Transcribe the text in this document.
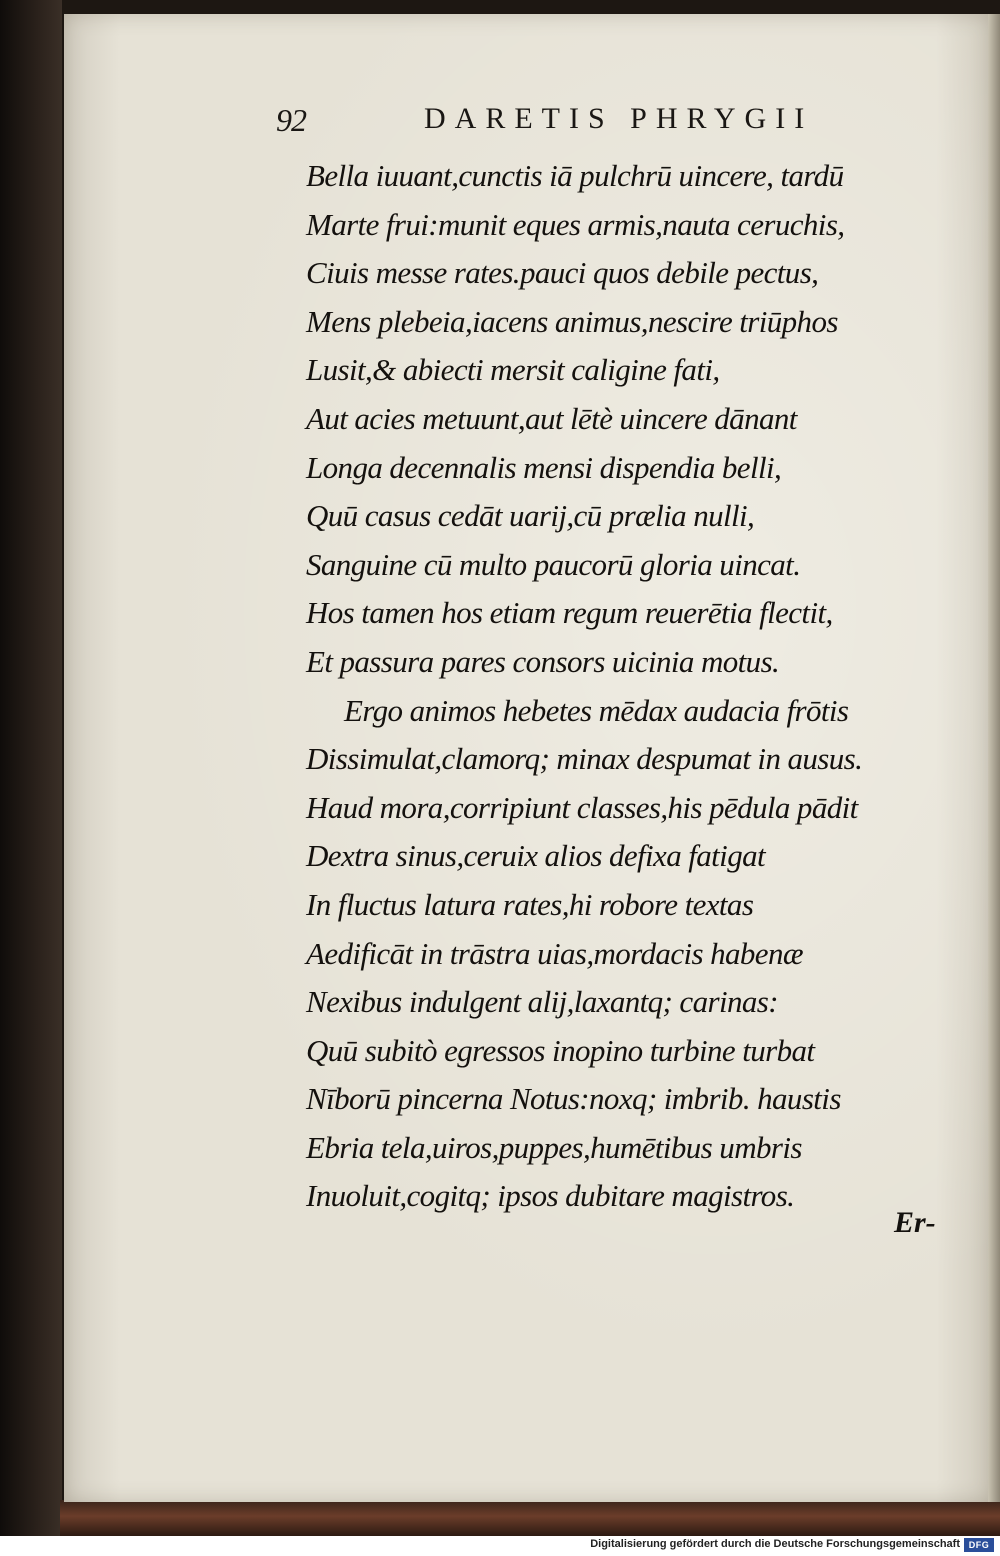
92	DARETIS PHRYGII
Bella iuuant,cunctis iā pulchrū uincere, tardū
Marte frui:munit eques armis,nauta ceruchis,
Ciuis messe rates.pauci quos debile pectus,
Mens plebeia,iacens animus,nescire triūphos
Lusit,& abiecti mersit caligine fati,
Aut acies metuunt,aut lētè uincere dānant
Longa decennalis mensi dispendia belli,
Quū casus cedāt uarij,cū prælia nulli,
Sanguine cū multo paucorū gloria uincat.
Hos tamen hos etiam regum reuerētia flectit,
Et passura pares consors uicinia motus.
Ergo animos hebetes mēdax audacia frōtis
Dissimulat,clamorq; minax despumat in ausus.
Haud mora,corripiunt classes,his pēdula pādit
Dextra sinus,ceruix alios defixa fatigat
In fluctus latura rates,hi robore textas
Aedificāt in trāstra uias,mordacis habenæ
Nexibus indulgent alij,laxantq; carinas:
Quū subitò egressos inopino turbine turbat
Nīborū pincerna Notus:noxq; imbrib. haustis
Ebria tela,uiros,puppes,humētibus umbris
Inuoluit,cogitq; ipsos dubitare magistros.
Er-
Digitalisierung gefördert durch die Deutsche Forschungsgemeinschaft DFG
